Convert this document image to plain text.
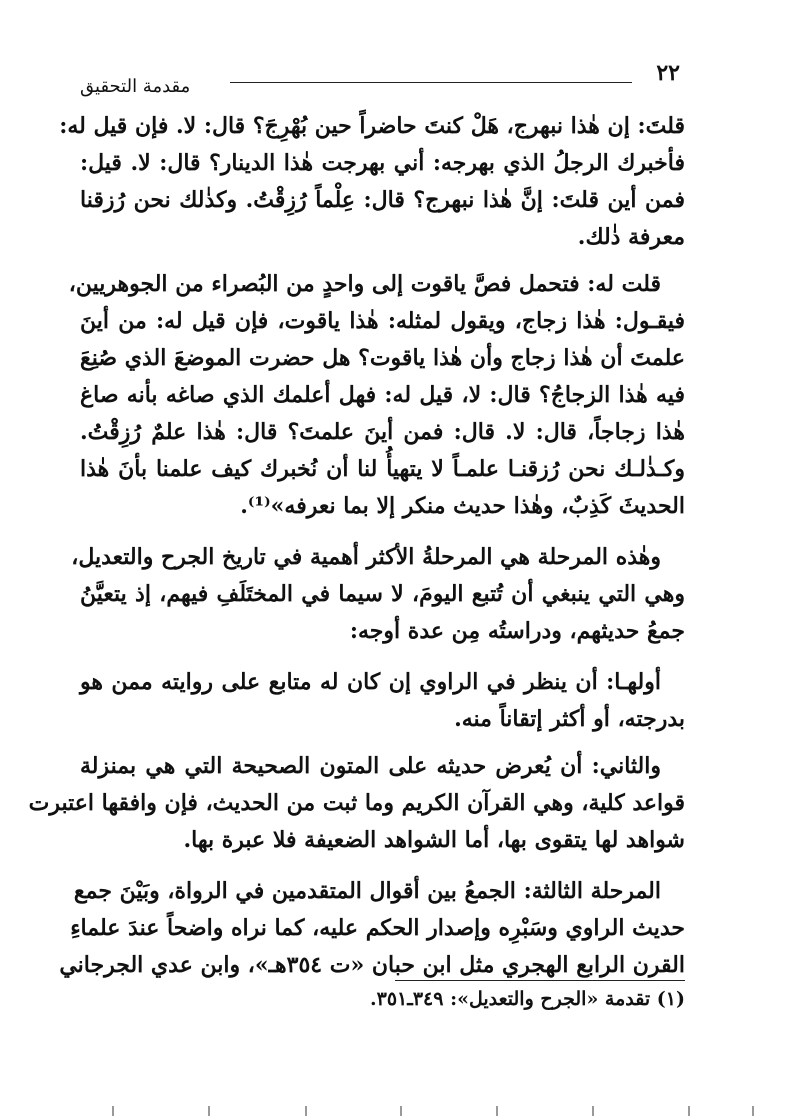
٢٢
مقدمة التحقيق

قلتَ: إن هٰذا نبهرج، هَلْ كنتَ حاضراً حين بُهْرِجَ؟ قال: لا. فإن قيل له:
فأخبرك الرجلُ الذي بهرجه: أني بهرجت هٰذا الدينار؟ قال: لا. قيل:
فمن أين قلتَ: إنَّ هٰذا نبهرج؟ قال: عِلْماً رُزِقْتُ. وكذٰلك نحن رُزقنا
معرفة ذٰلك.

قلت له: فتحمل فصَّ ياقوت إلى واحدٍ من البُصراء من الجوهريين،
فيقـول: هٰذا زجاج، ويقول لمثله: هٰذا ياقوت، فإن قيل له: من أينَ
علمتَ أن هٰذا زجاج وأن هٰذا ياقوت؟ هل حضرت الموضعَ الذي صُنِعَ
فيه هٰذا الزجاجُ؟ قال: لا، قيل له: فهل أعلمك الذي صاغه بأنه صاغ
هٰذا زجاجاً، قال: لا. قال: فمن أينَ علمتَ؟ قال: هٰذا علمٌ رُزِقْتُ.
وكـذٰلـك نحن رُزقنـا علمـاً لا يتهيأُ لنا أن نُخبرك كيف علمنا بأنَ هٰذا
الحديثَ كَذِبٌ، وهٰذا حديث منكر إلا بما نعرفه»⁽¹⁾.

وهٰذه المرحلة هي المرحلةُ الأكثر أهمية في تاريخ الجرح والتعديل،
وهي التي ينبغي أن تُتبع اليومَ، لا سيما في المختَلَفِ فيهم، إذ يتعيَّنُ
جمعُ حديثهم، ودراستُه مِن عدة أوجه:

أولهـا: أن ينظر في الراوي إن كان له متابع على روايته ممن هو
بدرجته، أو أكثر إتقاناً منه.

والثاني: أن يُعرض حديثه على المتون الصحيحة التي هي بمنزلة
قواعد كلية، وهي القرآن الكريم وما ثبت من الحديث، فإن وافقها اعتبرت
شواهد لها يتقوى بها، أما الشواهد الضعيفة فلا عبرة بها.

المرحلة الثالثة: الجمعُ بين أقوال المتقدمين في الرواة، وبَيْنَ جمع
حديث الراوي وسَبْرِه وإصدار الحكم عليه، كما نراه واضحاً عندَ علماءِ
القرن الرابع الهجري مثل ابن حبان «ت ٣٥٤هـ»، وابن عدي الجرجاني

(١) تقدمة «الجرح والتعديل»: ٣٤٩ـ٣٥١.
